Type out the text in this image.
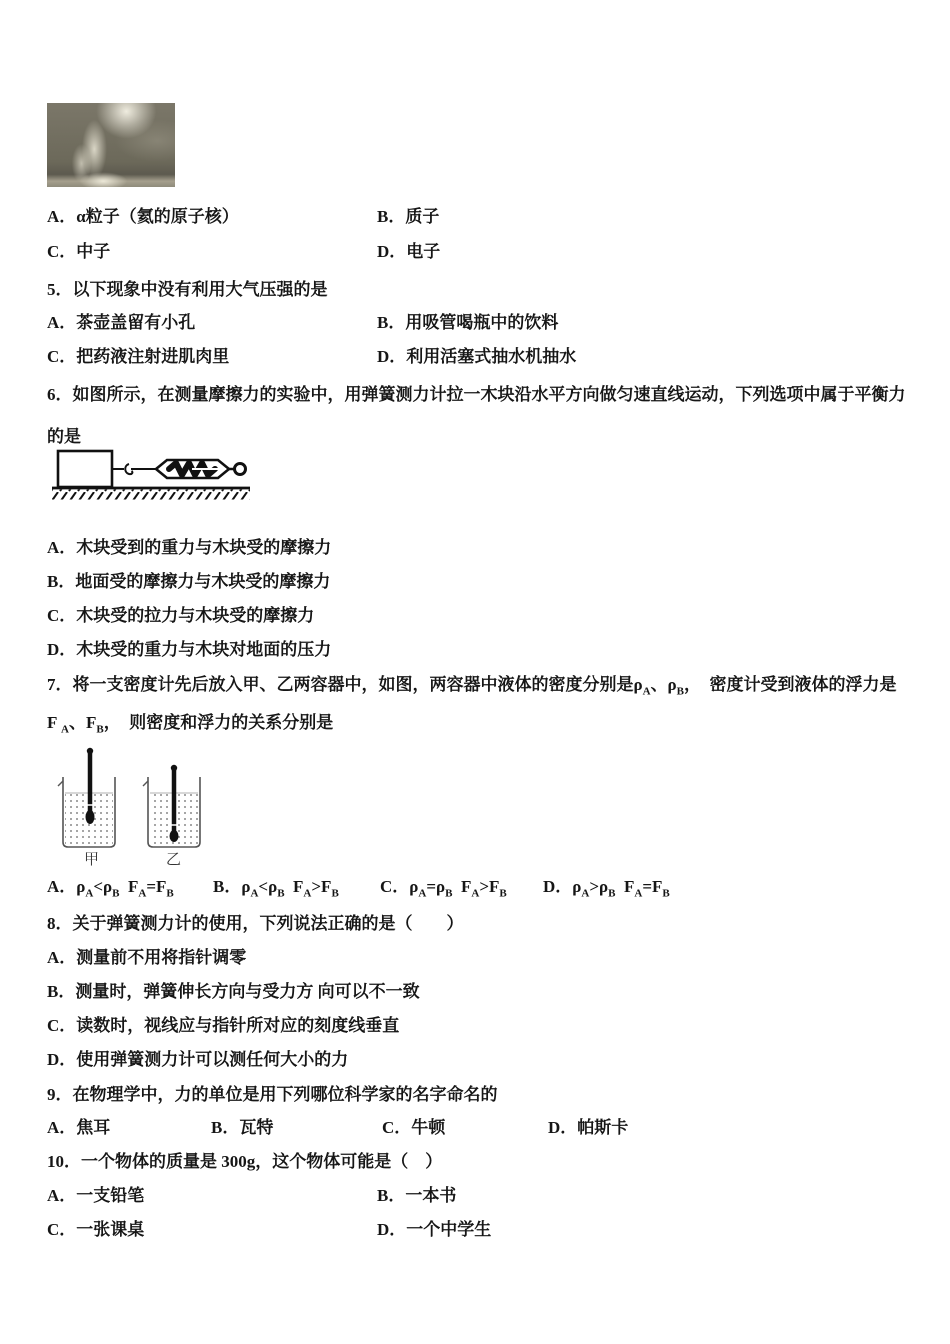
A．α粒子（氦的原子核）	B．质子
C．中子	D．电子
5．以下现象中没有利用大气压强的是
A．茶壶盖留有小孔	B．用吸管喝瓶中的饮料
C．把药液注射进肌肉里	D．利用活塞式抽水机抽水
6．如图所示，在测量摩擦力的实验中，用弹簧测力计拉一木块沿水平方向做匀速直线运动，下列选项中属于平衡力
的是
A．木块受到的重力与木块受的摩擦力
B．地面受的摩擦力与木块受的摩擦力
C．木块受的拉力与木块受的摩擦力
D．木块受的重力与木块对地面的压力
7．将一支密度计先后放入甲、乙两容器中，如图，两容器中液体的密度分别是$\rho_A$、$\rho_B$，　密度计受到液体的浮力是
F $_A$、$F_B$，　则密度和浮力的关系分别是
甲	乙
A．$\rho_A<\rho_B$  $F_A=F_B$ B．$\rho_A<\rho_B$  $F_A>F_B$ C．$\rho_A=\rho_B$  $F_A>F_B$ D．$\rho_A>\rho_B$  $F_A=F_B$
8．关于弹簧测力计的使用，下列说法正确的是（　　）
A．测量前不用将指针调零
B．测量时，弹簧伸长方向与受力方 向可以不一致
C．读数时，视线应与指针所对应的刻度线垂直
D．使用弹簧测力计可以测任何大小的力
9．在物理学中，力的单位是用下列哪位科学家的名字命名的
A．焦耳	B．瓦特	C．牛顿	D．帕斯卡
10．一个物体的质量是 300g，这个物体可能是（　）
A．一支铅笔	B．一本书
C．一张课桌	D．一个中学生
